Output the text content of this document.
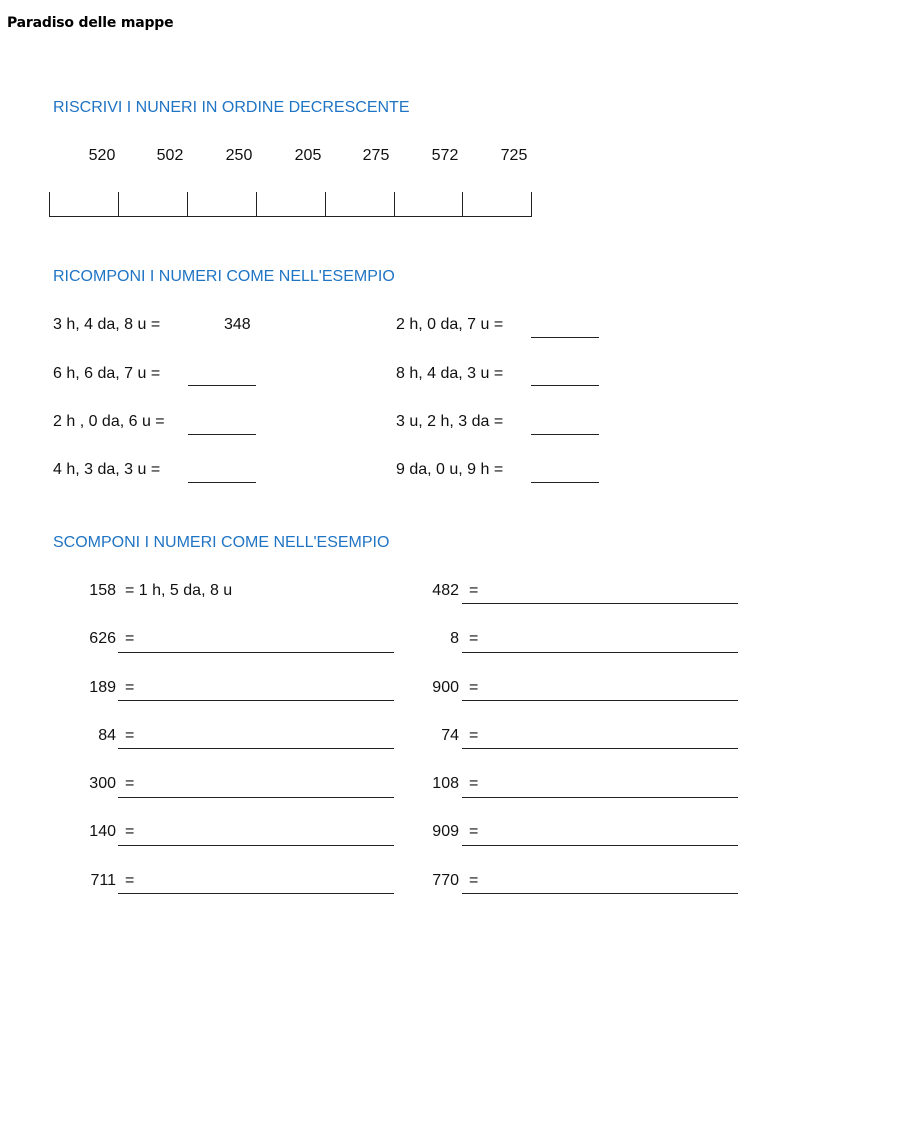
Paradiso delle mappe
RISCRIVI I NUNERI IN ORDINE DECRESCENTE
520	502	250	205	275	572	725
RICOMPONI I NUMERI COME NELL'ESEMPIO
3 h, 4 da, 8 u =	348
6 h, 6 da, 7 u =
2 h , 0 da, 6 u =
4 h, 3 da, 3 u =
2 h, 0 da, 7 u =
8 h, 4 da, 3 u =
3 u, 2 h, 3 da =
9 da, 0 u, 9 h =
SCOMPONI I NUMERI COME NELL'ESEMPIO
158 = 1 h, 5 da, 8 u
626 =
189 =
84 =
300 =
140 =
711 =
482 =
8 =
900 =
74 =
108 =
909 =
770 =
